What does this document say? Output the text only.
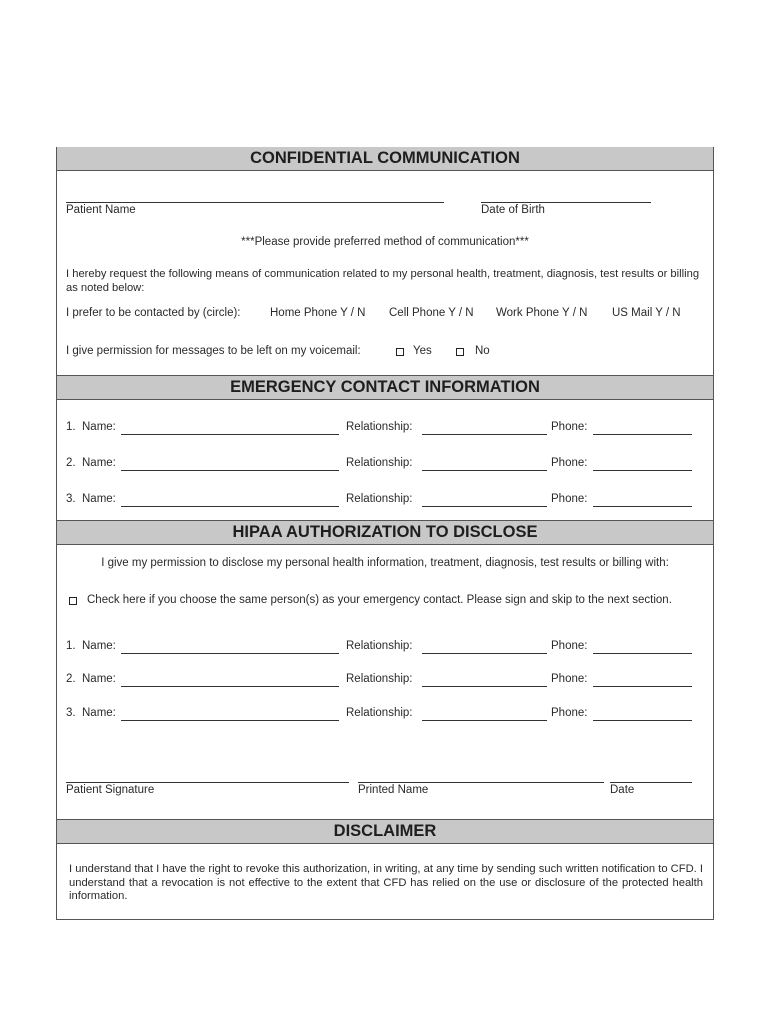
CONFIDENTIAL COMMUNICATION
Patient Name	Date of Birth
***Please provide preferred method of communication***
I hereby request the following means of communication related to my personal health, treatment, diagnosis, test results or billing as noted below:
I prefer to be contacted by (circle):	Home Phone Y / N Cell Phone Y / N Work Phone Y / N US Mail Y / N
I give permission for messages to be left on my voicemail:	Yes	No
EMERGENCY CONTACT INFORMATION
1. Name:	Relationship:	Phone:
2. Name:	Relationship:	Phone:
3. Name:	Relationship:	Phone:
HIPAA AUTHORIZATION TO DISCLOSE
I give my permission to disclose my personal health information, treatment, diagnosis, test results or billing with:
Check here if you choose the same person(s) as your emergency contact. Please sign and skip to the next section.
1. Name:	Relationship:	Phone:
2. Name:	Relationship:	Phone:
3. Name:	Relationship:	Phone:
Patient Signature	Printed Name	Date
DISCLAIMER
I understand that I have the right to revoke this authorization, in writing, at any time by sending such written notification to CFD. I understand that a revocation is not effective to the extent that CFD has relied on the use or disclosure of the protected health information.
